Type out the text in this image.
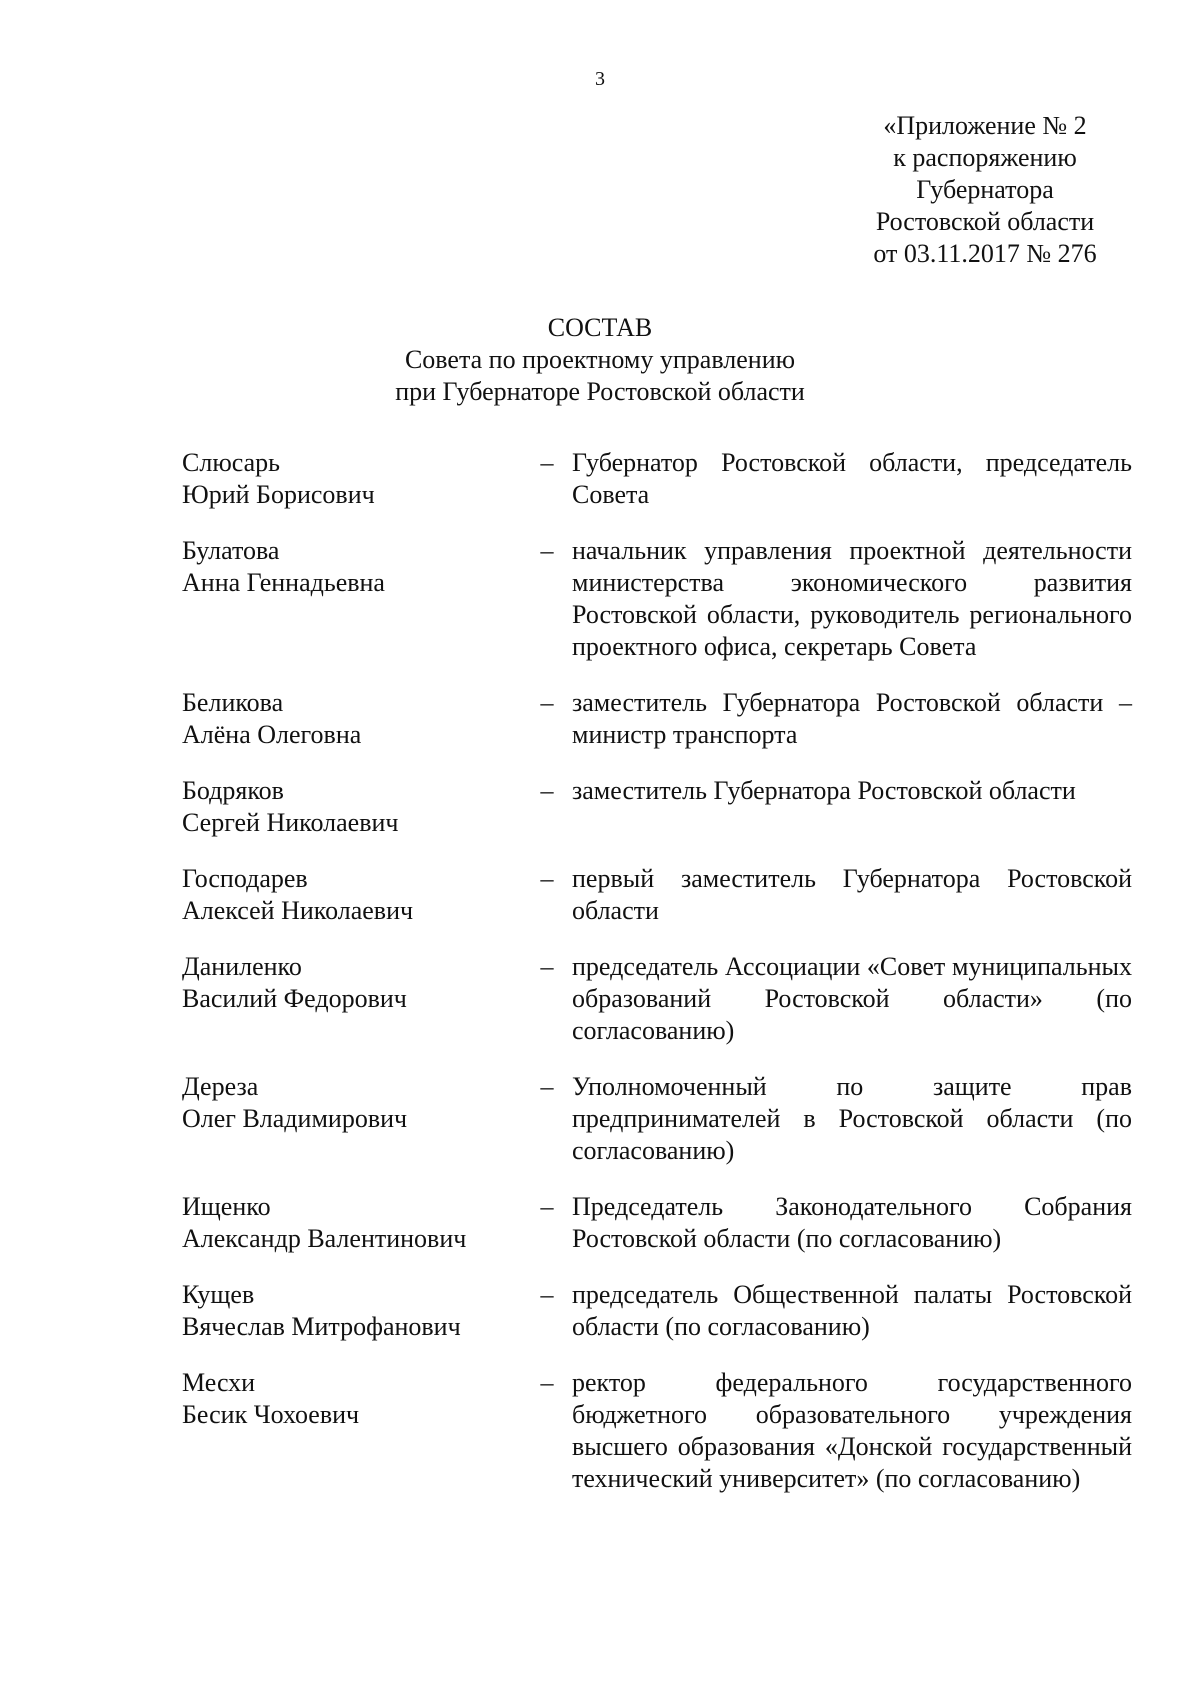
3
«Приложение № 2
к распоряжению
Губернатора
Ростовской области
от 03.11.2017 № 276
СОСТАВ
Совета по проектному управлению
при Губернаторе Ростовской области
Слюсарь
Юрий Борисович
– Губернатор Ростовской области, председатель Совета
Булатова
Анна Геннадьевна
– начальник управления проектной деятельности министерства экономического развития Ростовской области, руководитель регионального проектного офиса, секретарь Совета
Беликова
Алёна Олеговна
– заместитель Губернатора Ростовской области – министр транспорта
Бодряков
Сергей Николаевич
– заместитель Губернатора Ростовской области
Господарев
Алексей Николаевич
– первый заместитель Губернатора Ростовской области
Даниленко
Василий Федорович
– председатель Ассоциации «Совет муниципальных образований Ростовской области» (по согласованию)
Дереза
Олег Владимирович
– Уполномоченный по защите прав предпринимателей в Ростовской области (по согласованию)
Ищенко
Александр Валентинович
– Председатель Законодательного Собрания Ростовской области (по согласованию)
Кущев
Вячеслав Митрофанович
– председатель Общественной палаты Ростовской области (по согласованию)
Месхи
Бесик Чохоевич
– ректор федерального государственного бюджетного образовательного учреждения высшего образования «Донской государственный технический университет» (по согласованию)
